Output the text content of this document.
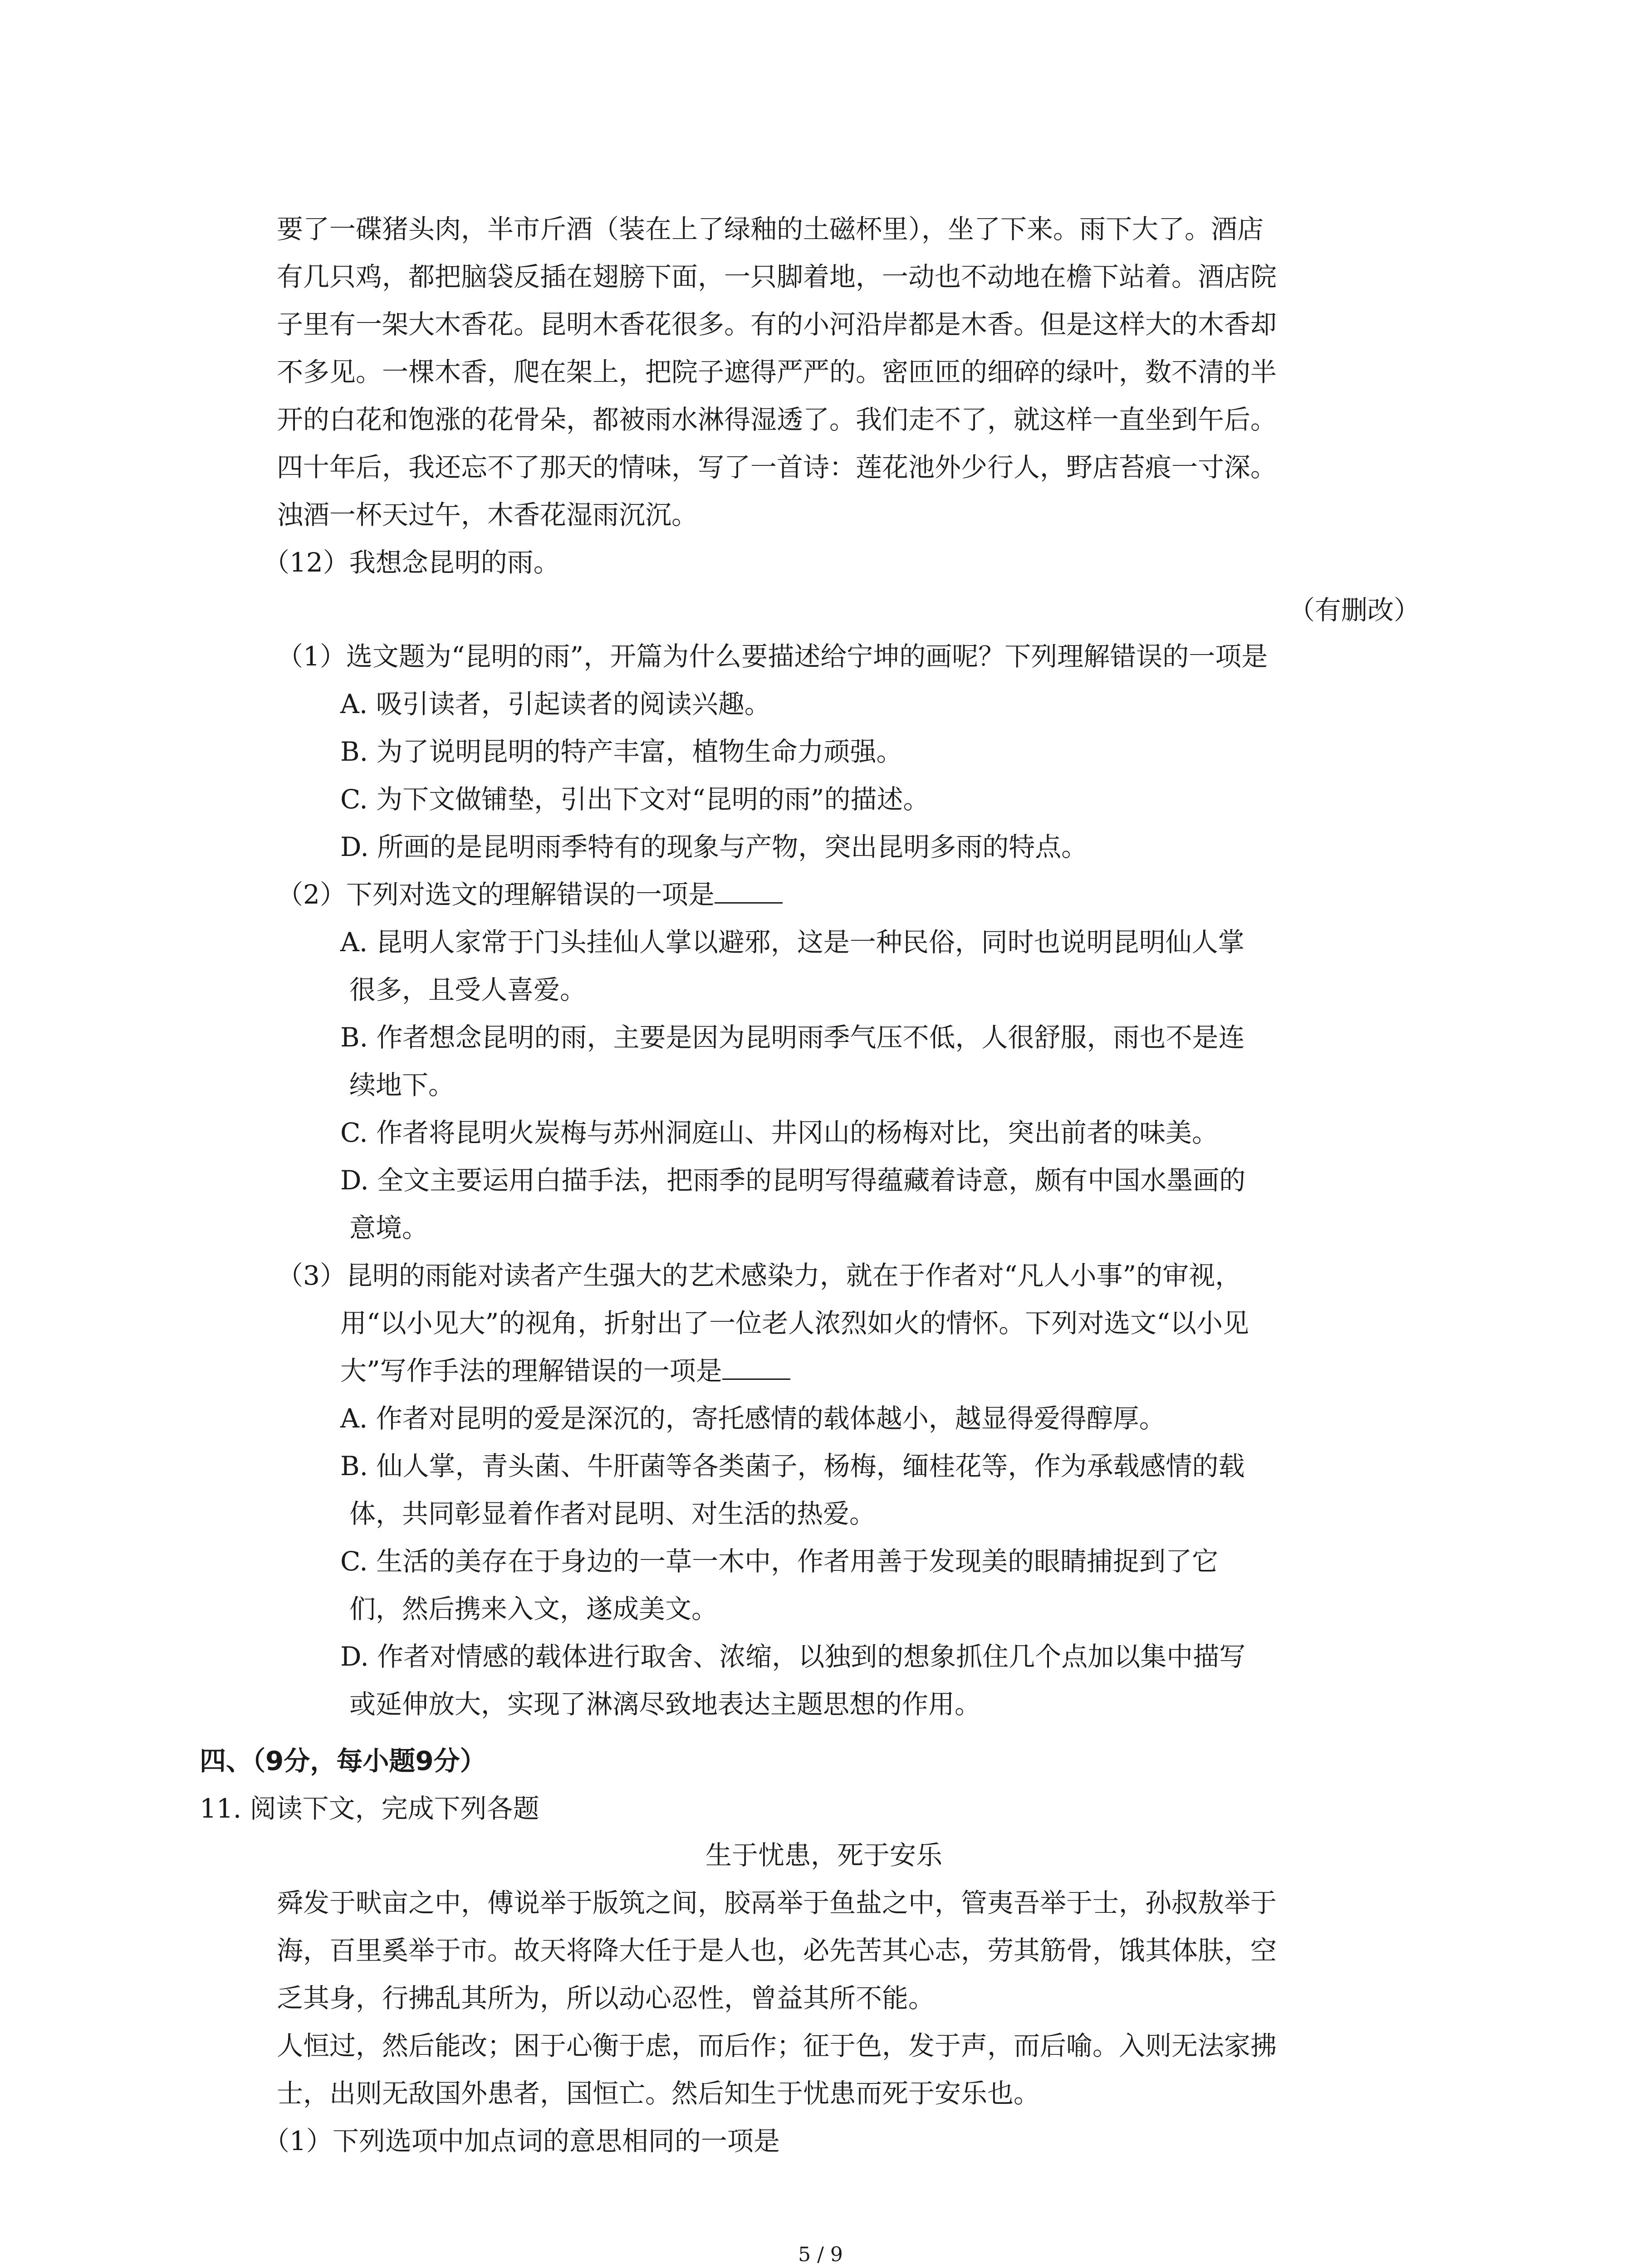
要了一碟猪头肉，半市斤酒（装在上了绿釉的土磁杯里），坐了下来。雨下大了。酒店
有几只鸡，都把脑袋反插在翅膀下面，一只脚着地，一动也不动地在檐下站着。酒店院
子里有一架大木香花。昆明木香花很多。有的小河沿岸都是木香。但是这样大的木香却
不多见。一棵木香，爬在架上，把院子遮得严严的。密匝匝的细碎的绿叶，数不清的半
开的白花和饱涨的花骨朵，都被雨水淋得湿透了。我们走不了，就这样一直坐到午后。
四十年后，我还忘不了那天的情味，写了一首诗：莲花池外少行人，野店苔痕一寸深。
浊酒一杯天过午，木香花湿雨沉沉。
（12）我想念昆明的雨。
（有删改）
（1）选文题为“昆明的雨”，开篇为什么要描述给宁坤的画呢？下列理解错误的一项是
A. 吸引读者，引起读者的阅读兴趣。
B. 为了说明昆明的特产丰富，植物生命力顽强。
C. 为下文做铺垫，引出下文对“昆明的雨”的描述。
D. 所画的是昆明雨季特有的现象与产物，突出昆明多雨的特点。
（2）下列对选文的理解错误的一项是
A. 昆明人家常于门头挂仙人掌以避邪，这是一种民俗，同时也说明昆明仙人掌
很多，且受人喜爱。
B. 作者想念昆明的雨，主要是因为昆明雨季气压不低，人很舒服，雨也不是连
续地下。
C. 作者将昆明火炭梅与苏州洞庭山、井冈山的杨梅对比，突出前者的味美。
D. 全文主要运用白描手法，把雨季的昆明写得蕴藏着诗意，颇有中国水墨画的
意境。
（3）昆明的雨能对读者产生强大的艺术感染力，就在于作者对“凡人小事”的审视，
用“以小见大”的视角，折射出了一位老人浓烈如火的情怀。下列对选文“以小见
大”写作手法的理解错误的一项是
A. 作者对昆明的爱是深沉的，寄托感情的载体越小，越显得爱得醇厚。
B. 仙人掌，青头菌、牛肝菌等各类菌子，杨梅，缅桂花等，作为承载感情的载
体，共同彰显着作者对昆明、对生活的热爱。
C. 生活的美存在于身边的一草一木中，作者用善于发现美的眼睛捕捉到了它
们，然后携来入文，遂成美文。
D. 作者对情感的载体进行取舍、浓缩，以独到的想象抓住几个点加以集中描写
或延伸放大，实现了淋漓尽致地表达主题思想的作用。
四、（9分，每小题9分）
11. 阅读下文，完成下列各题
生于忧患，死于安乐
舜发于畎亩之中，傅说举于版筑之间，胶鬲举于鱼盐之中，管夷吾举于士，孙叔敖举于
海，百里奚举于市。故天将降大任于是人也，必先苦其心志，劳其筋骨，饿其体肤，空
乏其身，行拂乱其所为，所以动心忍性，曾益其所不能。
人恒过，然后能改；困于心衡于虑，而后作；征于色，发于声，而后喻。入则无法家拂
士，出则无敌国外患者，国恒亡。然后知生于忧患而死于安乐也。
（1）下列选项中加点词的意思相同的一项是
5 / 9
